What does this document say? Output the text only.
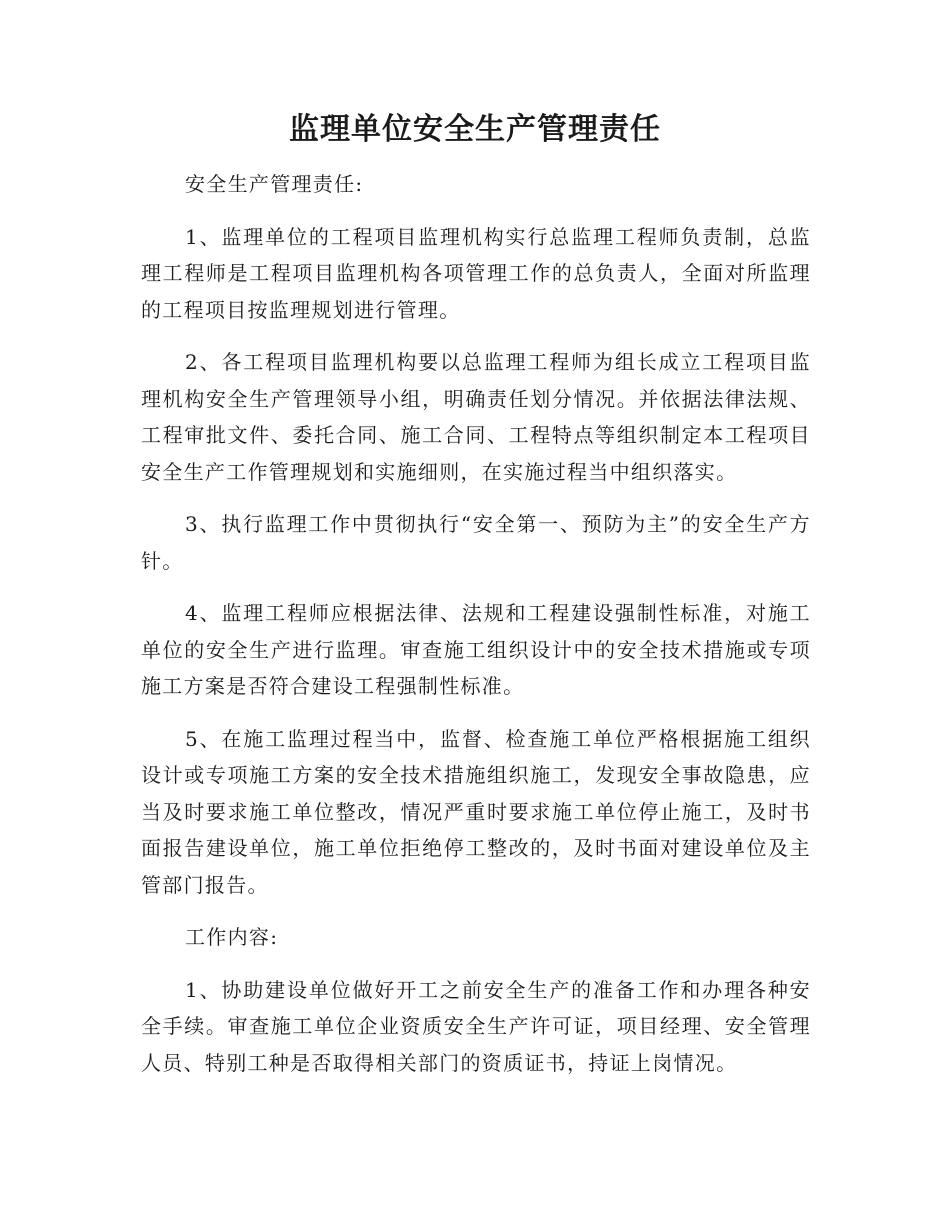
监理单位安全生产管理责任

安全生产管理责任:

1、监理单位的工程项目监理机构实行总监理工程师负责制，总监理工程师是工程项目监理机构各项管理工作的总负责人，全面对所监理的工程项目按监理规划进行管理。

2、各工程项目监理机构要以总监理工程师为组长成立工程项目监理机构安全生产管理领导小组，明确责任划分情况。并依据法律法规、工程审批文件、委托合同、施工合同、工程特点等组织制定本工程项目安全生产工作管理规划和实施细则，在实施过程当中组织落实。

3、执行监理工作中贯彻执行“安全第一、预防为主”的安全生产方针。

4、监理工程师应根据法律、法规和工程建设强制性标准，对施工单位的安全生产进行监理。审查施工组织设计中的安全技术措施或专项施工方案是否符合建设工程强制性标准。

5、在施工监理过程当中，监督、检查施工单位严格根据施工组织设计或专项施工方案的安全技术措施组织施工，发现安全事故隐患，应当及时要求施工单位整改，情况严重时要求施工单位停止施工，及时书面报告建设单位，施工单位拒绝停工整改的，及时书面对建设单位及主管部门报告。

工作内容:

1、协助建设单位做好开工之前安全生产的准备工作和办理各种安全手续。审查施工单位企业资质安全生产许可证，项目经理、安全管理人员、特别工种是否取得相关部门的资质证书，持证上岗情况。
